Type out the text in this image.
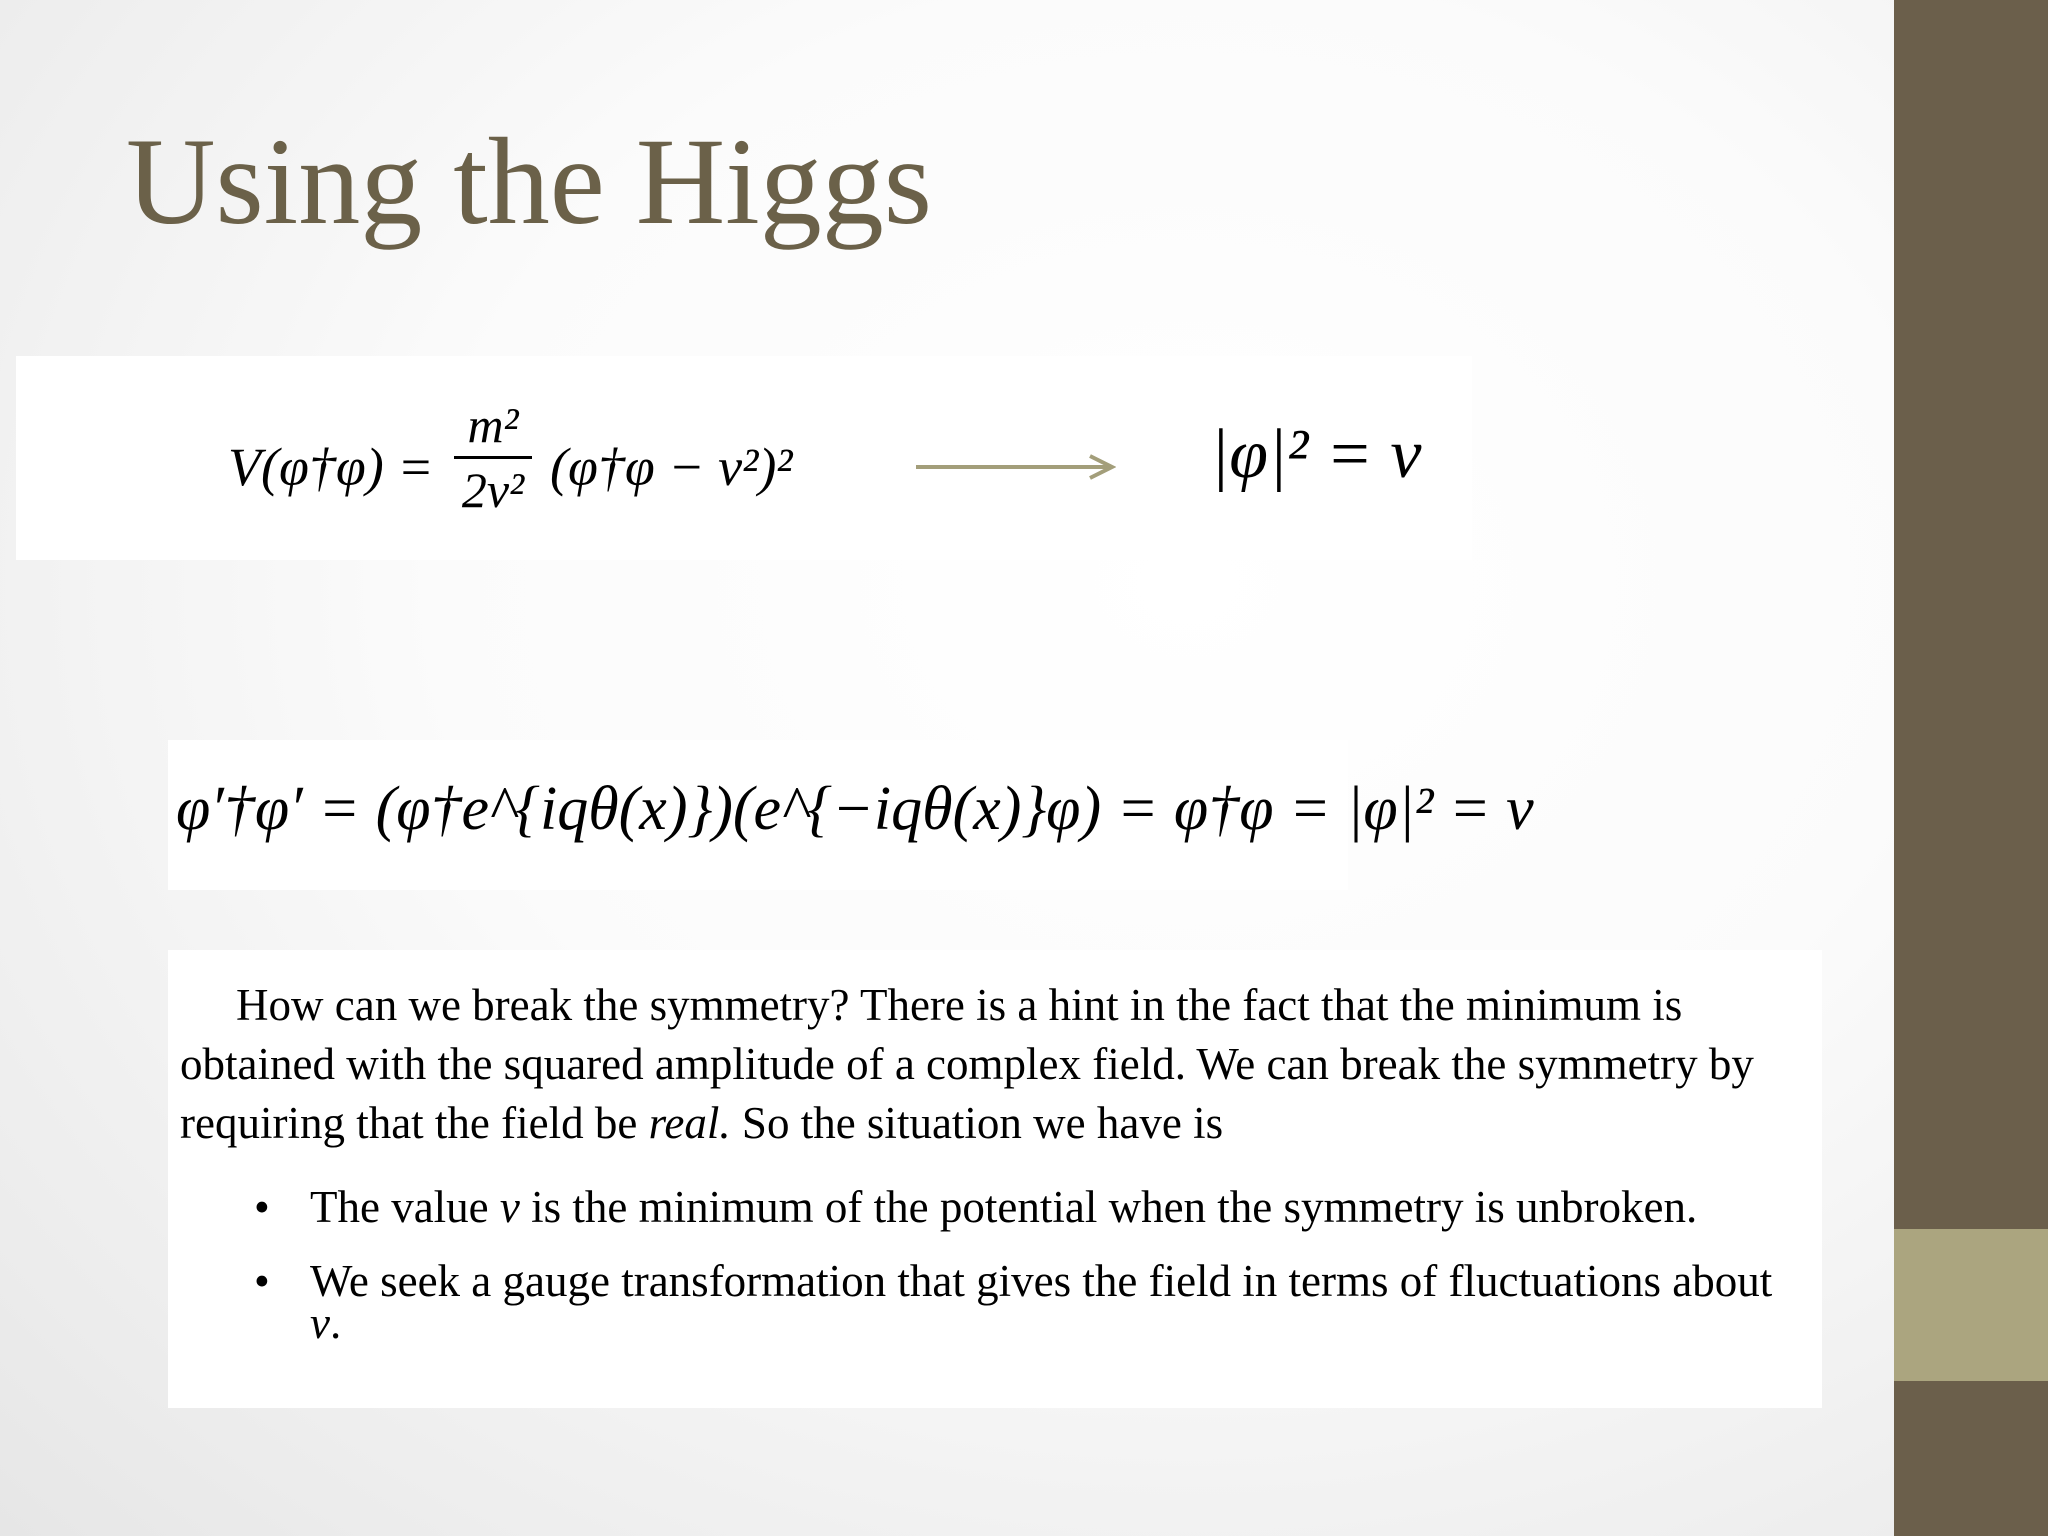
Using the Higgs
V(φ†φ) =
m²
2v² (φ†φ − v²)²	|φ|² = v
φ′†φ′ = (φ†e^{iqθ(x)})(e^{−iqθ(x)}φ) = φ†φ = |φ|² = v
How can we break the symmetry? There is a hint in the fact that the minimum is obtained with the squared amplitude of a complex field. We can break the symmetry by requiring that the field be real. So the situation we have is
• The value v is the minimum of the potential when the symmetry is unbroken.
• We seek a gauge transformation that gives the field in terms of fluctuations about v.
